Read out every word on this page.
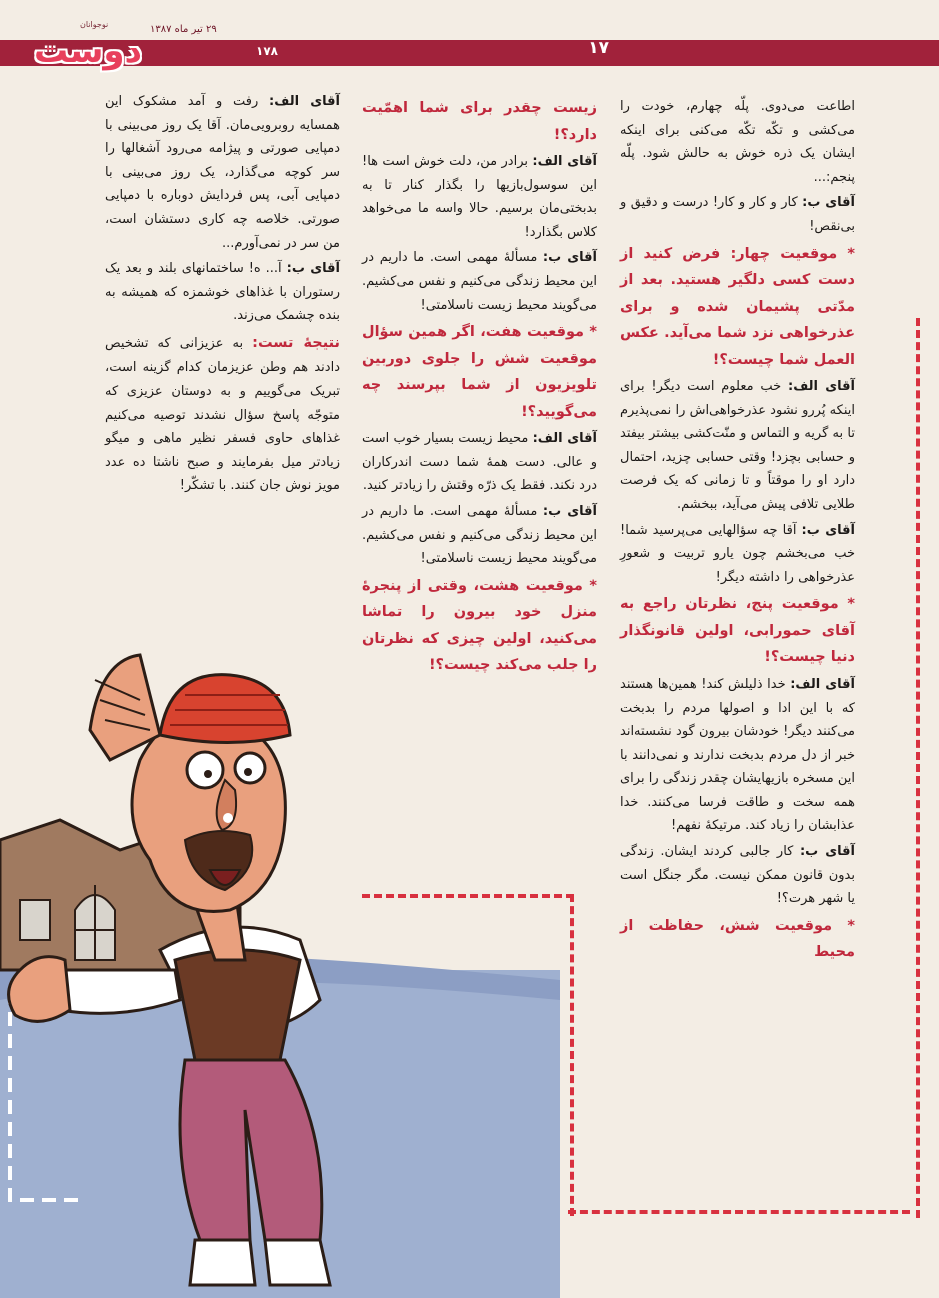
۱۷
۲۹ تیر ماه ۱۳۸۷
۱۷۸
نوجوانان
دوست

اطاعت می‌دوی. پلّه چهارم، خودت را می‌کشی و تکّه تکّه می‌کنی برای اینکه ایشان یک ذره خوش به حالش شود. پلّه پنجم:...

آقای ب: کار و کار و کار! درست و دقیق و بی‌نقص!

* موقعیت چهار: فرض کنید از دست کسی دلگیر هستید. بعد از مدّتی پشیمان شده و برای عذرخواهی نزد شما می‌آید. عکس العمل شما چیست؟!

آقای الف: خب معلوم است دیگر! برای اینکه پُررو نشود عذرخواهی‌اش را نمی‌پذیرم تا به گریه و التماس و منّت‌کشی بیشتر بیفتد و حسابی بچزد! وقتی حسابی چزید، احتمال دارد او را موقتاً و تا زمانی که یک فرصت طلایی تلافی پیش می‌آید، ببخشم.

آقای ب: آقا چه سؤالهایی می‌پرسید شما! خب می‌بخشم چون یارو تربیت و شعورِ عذرخواهی را داشته دیگر!

* موقعیت پنج، نظرتان راجع به آقای حمورابی، اولین قانونگذار دنیا چیست؟!

آقای الف: خدا ذلیلش کند! همین‌ها هستند که با این ادا و اصولها مردم را بدبخت می‌کنند دیگر! خودشان بیرون گود نشسته‌اند خبر از دل مردم بدبخت ندارند و نمی‌دانند با این مسخره بازیهایشان چقدر زندگی را برای همه سخت و طاقت فرسا می‌کنند. خدا عذابشان را زیاد کند. مرتیکهٔ نفهم!

آقای ب: کار جالبی کردند ایشان. زندگی بدون قانون ممکن نیست. مگر جنگل است یا شهر هرت؟!

* موقعیت شش، حفاظت از محیط

زیست چقدر برای شما اهمّیت دارد؟!

آقای الف: برادر من، دلت خوش است ها! این سوسول‌بازیها را بگذار کنار تا به بدبختی‌مان برسیم. حالا واسه ما می‌خواهد کلاس بگذارد!

آقای ب: مسألهٔ مهمی است. ما داریم در این محیط زندگی می‌کنیم و نفس می‌کشیم. می‌گویند محیط زیست ناسلامتی!

* موقعیت هفت، اگر همین سؤال موقعیت شش را جلوی دوربین تلویزیون از شما بپرسند چه می‌گویید؟!

آقای الف: محیط زیست بسیار خوب است و عالی. دست همهٔ شما دست اندرکاران درد نکند. فقط یک ذرّه وقتش را زیادتر کنید.

آقای ب: مسألهٔ مهمی است. ما داریم در این محیط زندگی می‌کنیم و نفس می‌کشیم. می‌گویند محیط زیست ناسلامتی!

* موقعیت هشت، وقتی از پنجرهٔ منزل خود بیرون را تماشا می‌کنید، اولین چیزی که نظرتان را جلب می‌کند چیست؟!

آقای الف: رفت و آمد مشکوک این همسایه روبرویی‌مان. آقا یک روز می‌بینی با دمپایی صورتی و پیژامه می‌رود آشغالها را سر کوچه می‌گذارد، یک روز می‌بینی با دمپایی آبی، پس فردایش دوباره با دمپایی صورتی. خلاصه چه کاری دستشان است، من سر در نمی‌آورم...

آقای ب: آ... ه! ساختمانهای بلند و بعد یک رستوران با غذاهای خوشمزه که همیشه به بنده چشمک می‌زند.

نتیجهٔ تست: به عزیزانی که تشخیص دادند هم وطن عزیزمان کدام گزینه است، تبریک می‌گوییم و به دوستان عزیزی که متوجّه پاسخ سؤال نشدند توصیه می‌کنیم غذاهای حاوی فسفر نظیر ماهی و میگو زیادتر میل بفرمایند و صبح ناشتا ده عدد مویز نوش جان کنند. با تشکّر!
